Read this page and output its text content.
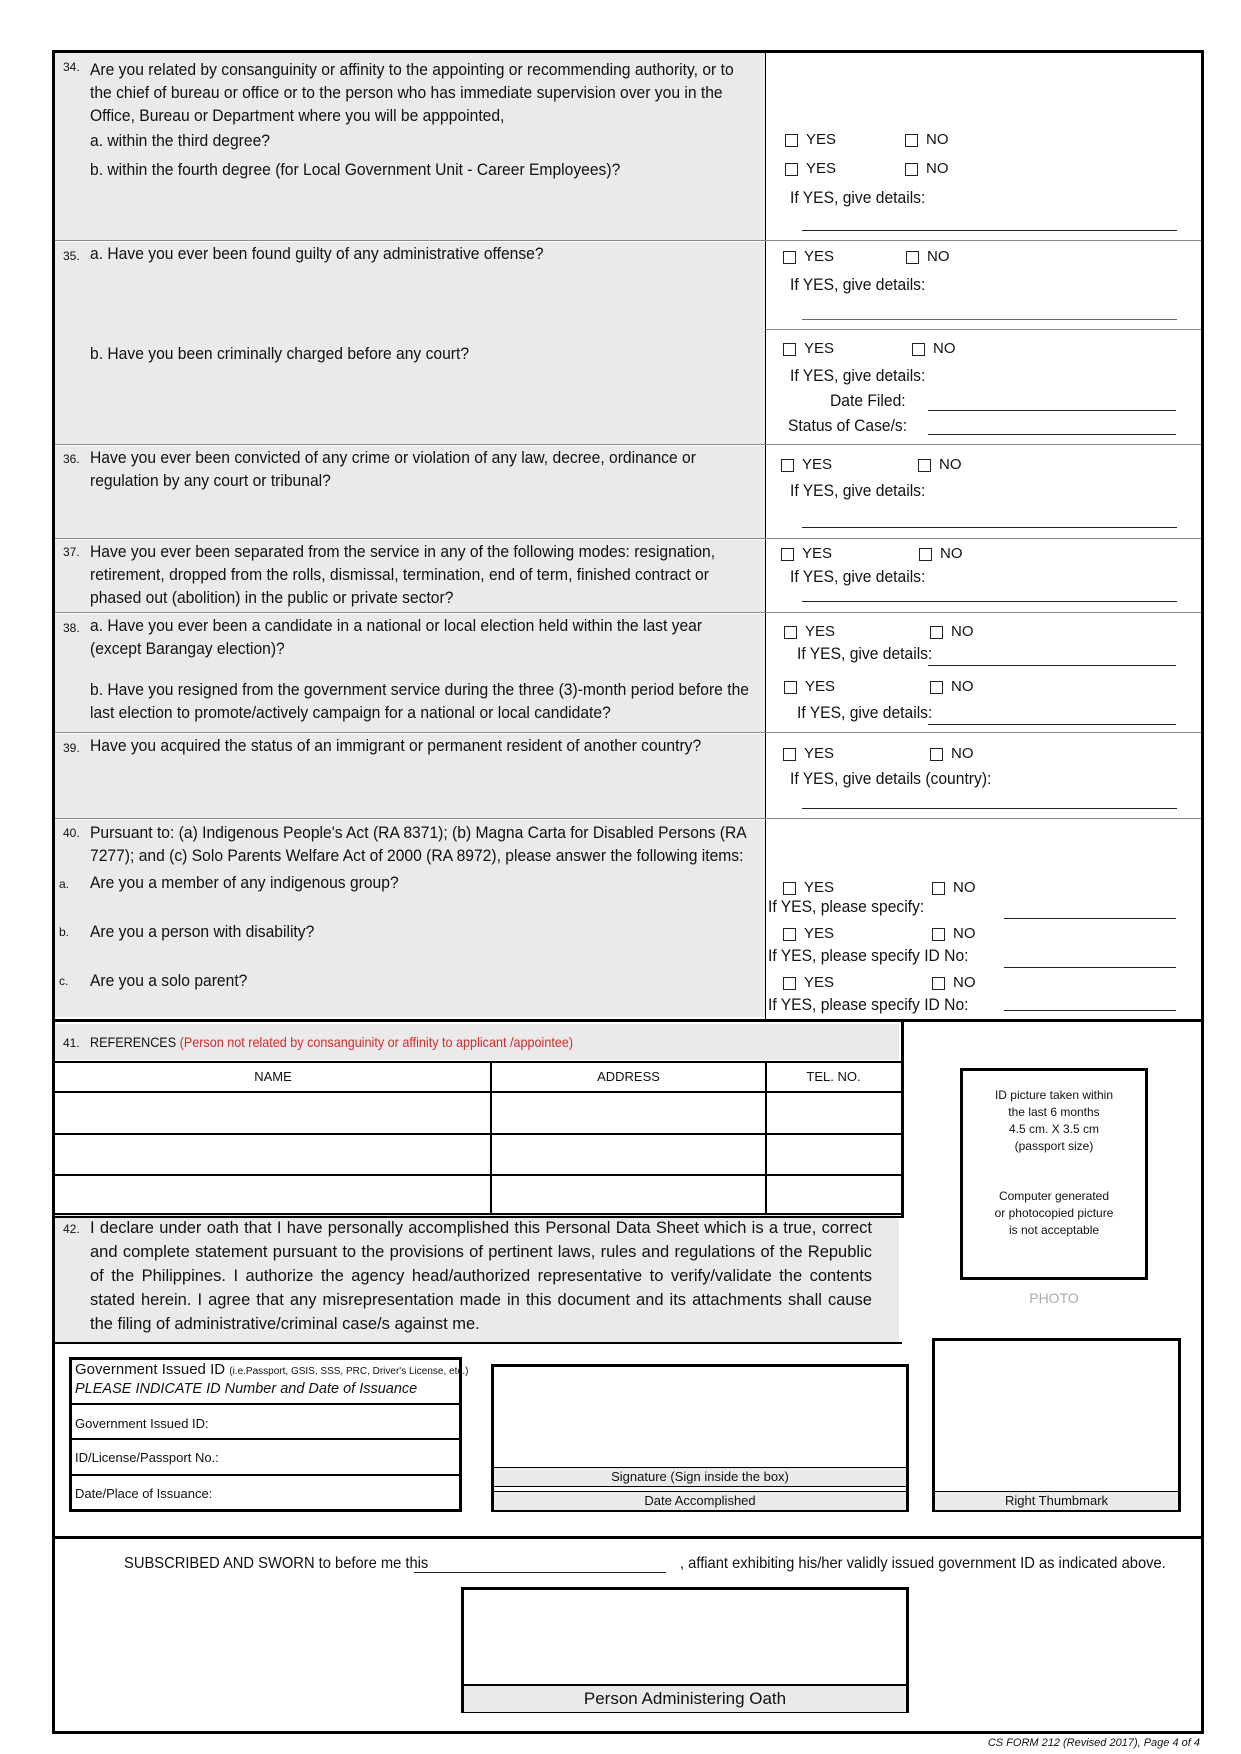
34. Are you related by consanguinity or affinity to the appointing or recommending authority, or to the chief of bureau or office or to the person who has immediate supervision over you in the Office, Bureau or Department where you will be apppointed,
a. within the third degree?
b. within the fourth degree (for Local Government Unit - Career Employees)?
YES	NO
YES	NO
If YES, give details:
35. a. Have you ever been found guilty of any administrative offense?
b. Have you been criminally charged before any court?
YES	NO
If YES, give details:
YES	NO
If YES, give details:
Date Filed:
Status of Case/s:
36. Have you ever been convicted of any crime or violation of any law, decree, ordinance or regulation by any court or tribunal?
YES	NO
If YES, give details:
37. Have you ever been separated from the service in any of the following modes: resignation, retirement, dropped from the rolls, dismissal, termination, end of term, finished contract or phased out (abolition) in the public or private sector?
YES	NO
If YES, give details:
38. a. Have you ever been a candidate in a national or local election held within the last year (except Barangay election)?
b. Have you resigned from the government service during the three (3)-month period before the last election to promote/actively campaign for a national or local candidate?
YES	NO
If YES, give details:
YES	NO
If YES, give details:
39. Have you acquired the status of an immigrant or permanent resident of another country?	YES	NO
If YES, give details (country):
40. Pursuant to: (a) Indigenous People's Act (RA 8371); (b) Magna Carta for Disabled Persons (RA 7277); and (c) Solo Parents Welfare Act of 2000 (RA 8972), please answer the following items:
a. Are you a member of any indigenous group?
b. Are you a person with disability?
c. Are you a solo parent?
YES	NO
If YES, please specify:
YES	NO
If YES, please specify ID No:
YES	NO
If YES, please specify ID No:
41. REFERENCES (Person not related by consanguinity or affinity to applicant /appointee)
NAME	ADDRESS	TEL. NO.
ID picture taken within
the last 6 months
4.5 cm. X 3.5 cm
(passport size)
Computer generated
or photocopied picture
is not acceptable
PHOTO
42. I declare under oath that I have personally accomplished this Personal Data Sheet which is a true, correct and complete statement pursuant to the provisions of pertinent laws, rules and regulations of the Republic of the Philippines. I authorize the agency head/authorized representative to verify/validate the contents stated herein. I agree that any misrepresentation made in this document and its attachments shall cause the filing of administrative/criminal case/s against me.
Government Issued ID (i.e.Passport, GSIS, SSS, PRC, Driver's License, etc.)
PLEASE INDICATE ID Number and Date of Issuance
Government Issued ID:
ID/License/Passport No.:
Date/Place of Issuance:
Signature (Sign inside the box)
Date Accomplished	Right Thumbmark
SUBSCRIBED AND SWORN to before me this	, affiant exhibiting his/her validly issued government ID as indicated above.
Person Administering Oath
CS FORM 212 (Revised 2017), Page 4 of 4
